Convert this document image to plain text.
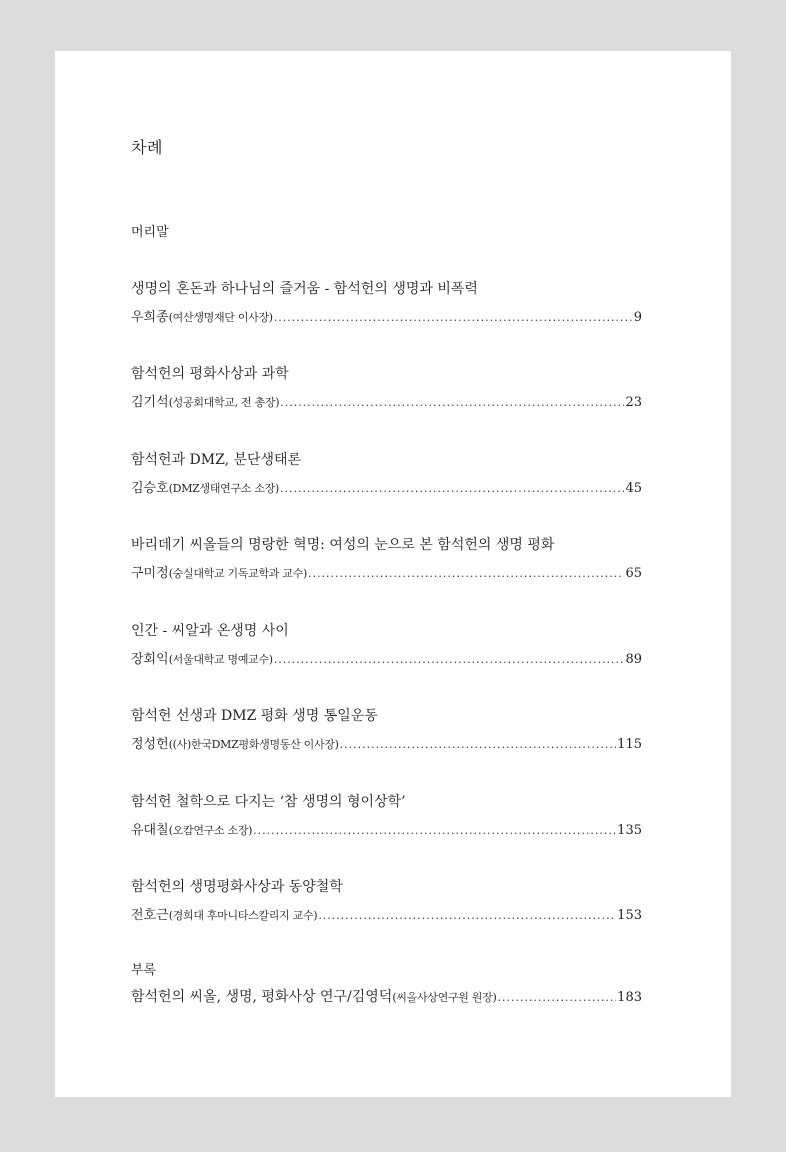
차례
머리말
생명의 혼돈과 하나님의 즐거움 - 함석헌의 생명과 비폭력
우희종 (여산생명재단 이사장) .....	9
함석헌의 평화사상과 과학
김기석 (성공회대학교, 전 총장) .....	23
함석헌과 DMZ, 분단생태론
김승호 (DMZ생태연구소 소장) .....	45
바리데기 씨올들의 명랑한 혁명: 여성의 눈으로 본 함석헌의 생명 평화
구미정 (숭실대학교 기독교학과 교수) .....	65
인간 - 씨알과 온생명 사이
장회익 (서울대학교 명예교수) .....	89
함석헌 선생과 DMZ 평화 생명 통일운동
정성헌 ((사)한국DMZ평화생명동산 이사장) .....	115
함석헌 철학으로 다지는 ‘참 생명의 형이상학’
유대칠 (오캄연구소 소장) .....	135
함석헌의 생명평화사상과 동양철학
전호근 (경희대 후마니타스칼리지 교수) .....	153
부록
함석헌의 씨올, 생명, 평화사상 연구/김영덕 (씨올사상연구원 원장) .....	183
